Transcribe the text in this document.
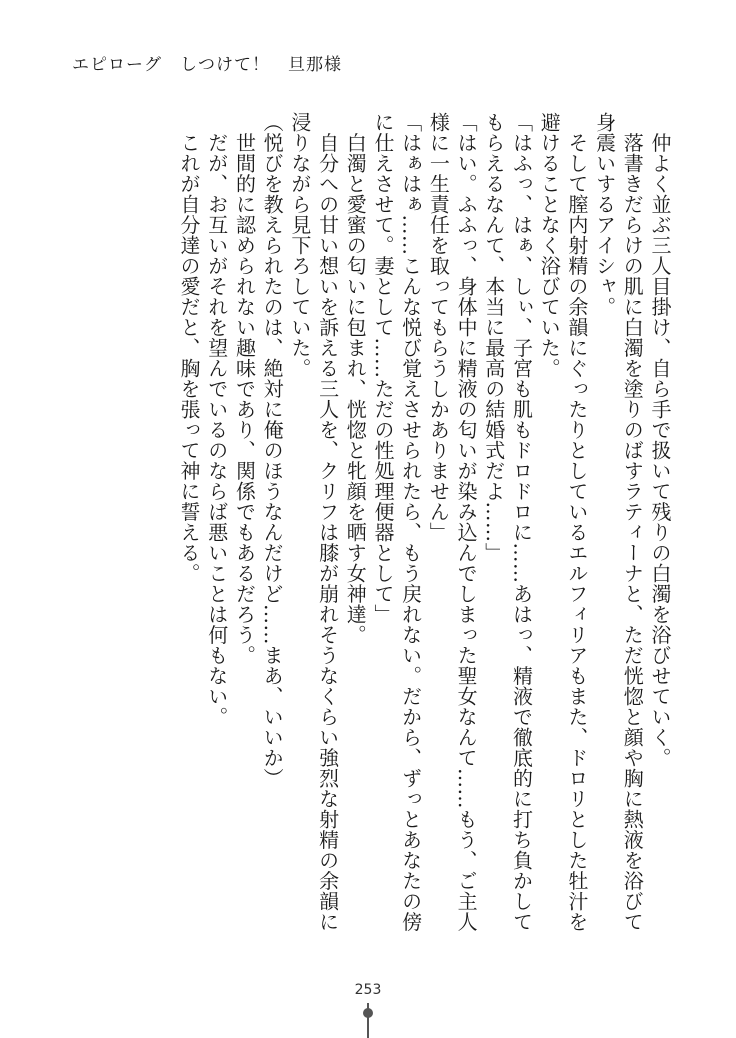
エピローグ　しつけて！　旦那様

　仲よく並ぶ三人目掛け、自ら手で扱いて残りの白濁を浴びせていく。

　落書きだらけの肌に白濁を塗りのばすラティーナと、ただ恍惚と顔や胸に熱液を浴びて

身震いするアイシャ。

　そして膣内射精の余韻にぐったりとしているエルフィリアもまた、ドロリとした牡汁を

避けることなく浴びていた。

「はふっ、はぁ、しぃ、子宮も肌もドロドロに……あはっ、精液で徹底的に打ち負かして

もらえるなんて、本当に最高の結婚式だよ……」

「はい。ふふっ、身体中に精液の匂いが染み込んでしまった聖女なんて……もう、ご主人

様に一生責任を取ってもらうしかありません」

「はぁはぁ……こんな悦び覚えさせられたら、もう戻れない。だから、ずっとあなたの傍

に仕えさせて。妻として……ただの性処理便器として」

　白濁と愛蜜の匂いに包まれ、恍惚と牝顔を晒す女神達。

　自分への甘い想いを訴える三人を、クリフは膝が崩れそうなくらい強烈な射精の余韻に

浸りながら見下ろしていた。

（悦びを教えられたのは、絶対に俺のほうなんだけど……まあ、いいか）

　世間的に認められない趣味であり、関係でもあるだろう。

　だが、お互いがそれを望んでいるのならば悪いことは何もない。

　これが自分達の愛だと、胸を張って神に誓える。

253
